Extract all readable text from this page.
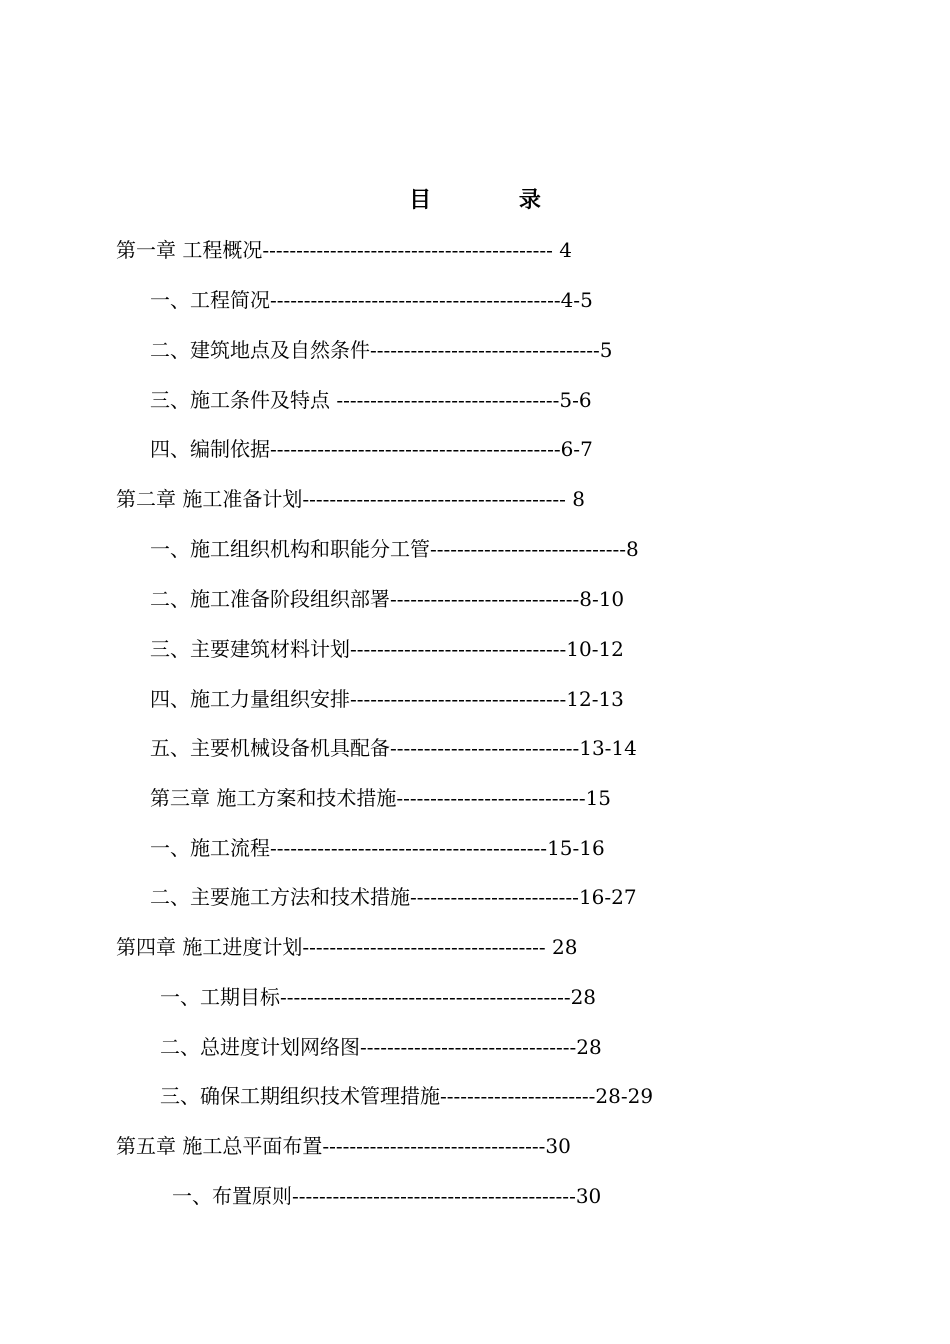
目 录
第一章 工程概况------------------------------------------- 4
一、工程简况-------------------------------------------4-5
二、建筑地点及自然条件----------------------------------5
三、施工条件及特点 ---------------------------------5-6
四、编制依据-------------------------------------------6-7
第二章 施工准备计划--------------------------------------- 8
一、施工组织机构和职能分工管-----------------------------8
二、施工准备阶段组织部署----------------------------8-10
三、主要建筑材料计划--------------------------------10-12
四、施工力量组织安排--------------------------------12-13
五、主要机械设备机具配备----------------------------13-14
第三章 施工方案和技术措施----------------------------15
一、施工流程-----------------------------------------15-16
二、主要施工方法和技术措施-------------------------16-27
第四章 施工进度计划------------------------------------ 28
一、工期目标-------------------------------------------28
二、总进度计划网络图--------------------------------28
三、确保工期组织技术管理措施-----------------------28-29
第五章 施工总平面布置---------------------------------30
一、布置原则------------------------------------------30
